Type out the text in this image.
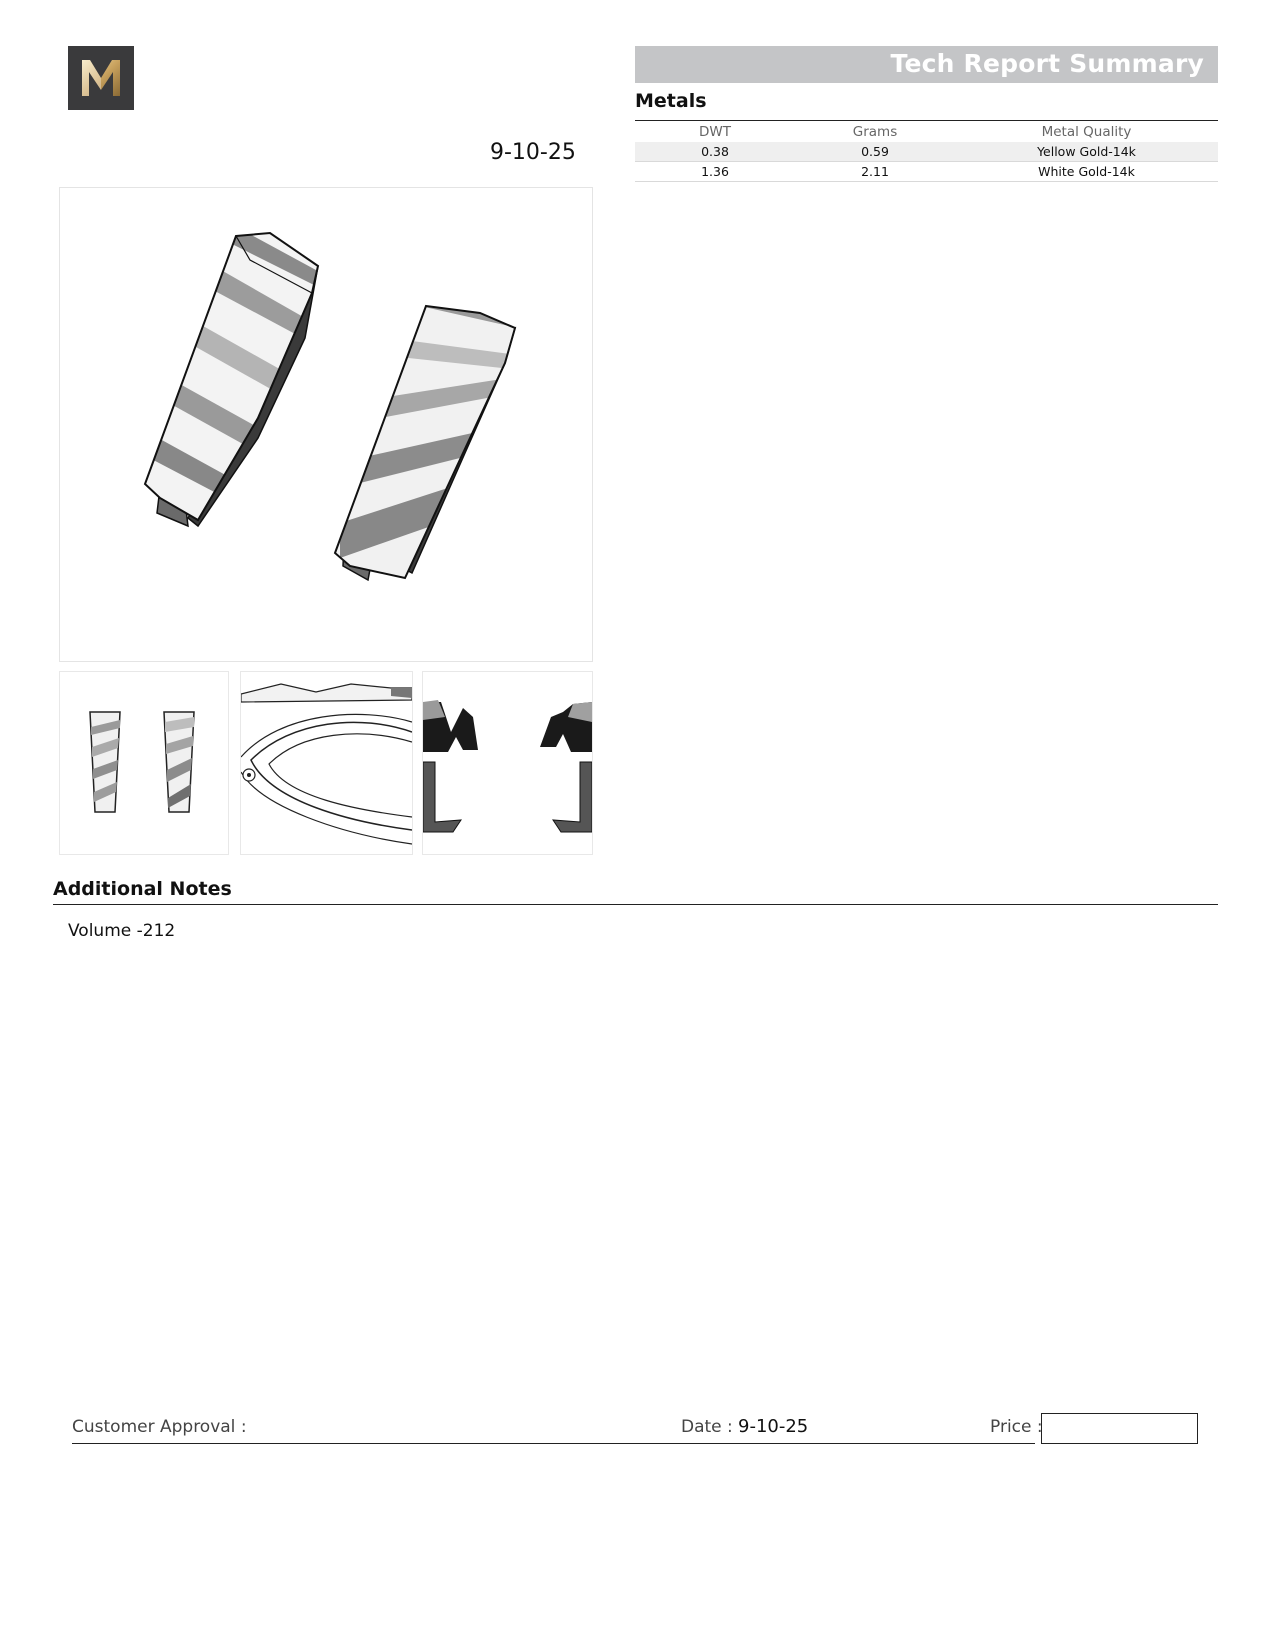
Tech Report Summary
Metals
DWT	Grams	Metal Quality
0.38	0.59	Yellow Gold-14k
1.36	2.11	White Gold-14k
9-10-25
Additional Notes
Volume -212
Customer Approval :	Date : 9-10-25	Price :
